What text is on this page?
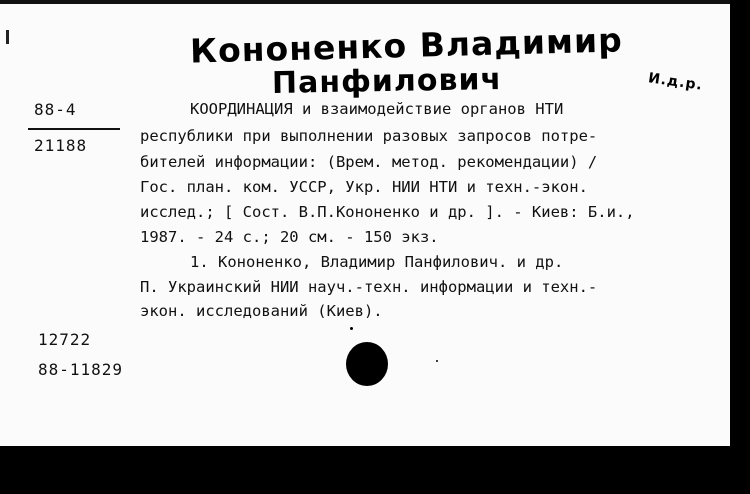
Кононенко Владимир
Панфилович	И.д.р.
88-4
21188
КООРДИНАЦИЯ и взаимодействие органов НТИ
республики при выполнении разовых запросов потре-
бителей информации: (Врем. метод. рекомендации) /
Гос. план. ком. УССР, Укр. НИИ НТИ и техн.-экон.
исслед.; [ Сост. В.П.Кононенко и др. ]. - Киев: Б.и.,
1987. - 24 с.; 20 см. - 150 экз.
1. Кононенко, Владимир Панфилович. и др.
П. Украинский НИИ науч.-техн. информации и техн.-
экон. исследований (Киев).
12722
88-11829
